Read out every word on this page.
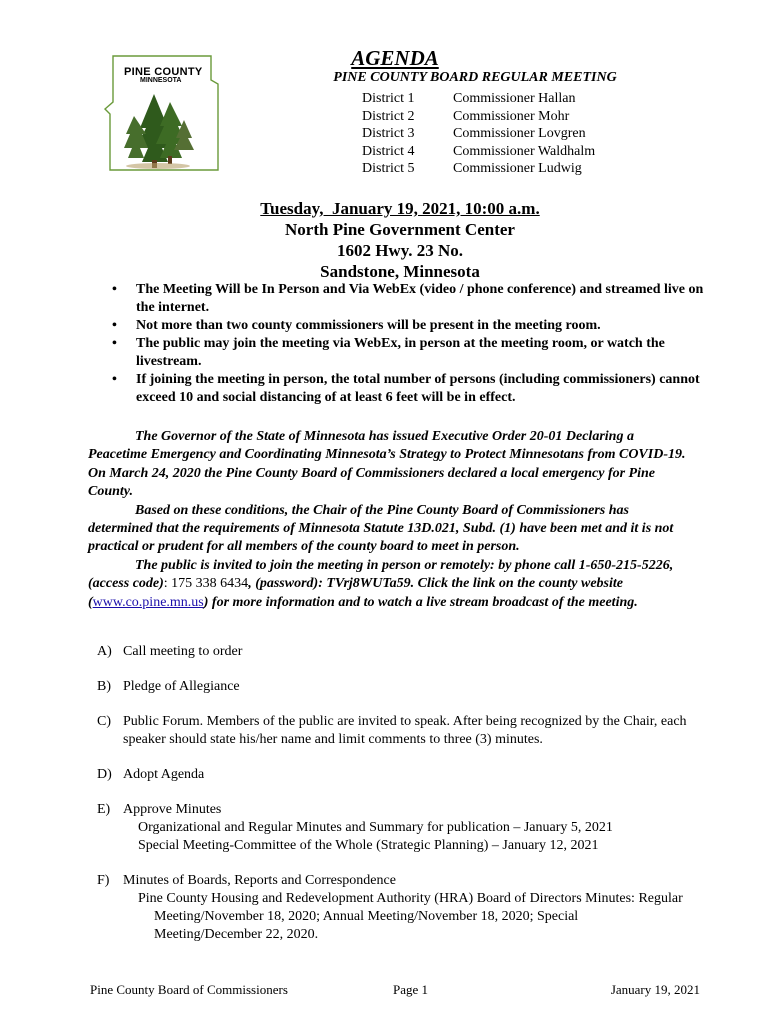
PINE COUNTY
MINNESOTA
AGENDA
PINE COUNTY BOARD REGULAR MEETING
District 1	Commissioner Hallan
District 2	Commissioner Mohr
District 3	Commissioner Lovgren
District 4	Commissioner Waldhalm
District 5	Commissioner Ludwig
Tuesday,  January 19, 2021, 10:00 a.m.
North Pine Government Center
1602 Hwy. 23 No.
Sandstone, Minnesota
• The Meeting Will be In Person and Via WebEx (video / phone conference) and streamed live on the internet.
• Not more than two county commissioners will be present in the meeting room.
• The public may join the meeting via WebEx, in person at the meeting room, or watch the livestream.
• If joining the meeting in person, the total number of persons (including commissioners) cannot exceed 10 and social distancing of at least 6 feet will be in effect.

The Governor of the State of Minnesota has issued Executive Order 20-01 Declaring a Peacetime Emergency and Coordinating Minnesota’s Strategy to Protect Minnesotans from COVID-19. On March 24, 2020 the Pine County Board of Commissioners declared a local emergency for Pine County.

Based on these conditions, the Chair of the Pine County Board of Commissioners has determined that the requirements of Minnesota Statute 13D.021, Subd. (1) have been met and it is not practical or prudent for all members of the county board to meet in person.

The public is invited to join the meeting in person or remotely: by phone call 1-650-215-5226, (access code): 175 338 6434, (password): TVrj8WUTa59. Click the link on the county website (www.co.pine.mn.us) for more information and to watch a live stream broadcast of the meeting.

A) Call meeting to order
B) Pledge of Allegiance
C) Public Forum. Members of the public are invited to speak. After being recognized by the Chair, each speaker should state his/her name and limit comments to three (3) minutes.
D) Adopt Agenda
E) Approve Minutes
Organizational and Regular Minutes and Summary for publication – January 5, 2021
Special Meeting-Committee of the Whole (Strategic Planning) – January 12, 2021
F) Minutes of Boards, Reports and Correspondence
Pine County Housing and Redevelopment Authority (HRA) Board of Directors Minutes: Regular Meeting/November 18, 2020; Annual Meeting/November 18, 2020; Special Meeting/December 22, 2020.
Pine County Board of Commissioners	Page 1	January 19, 2021
